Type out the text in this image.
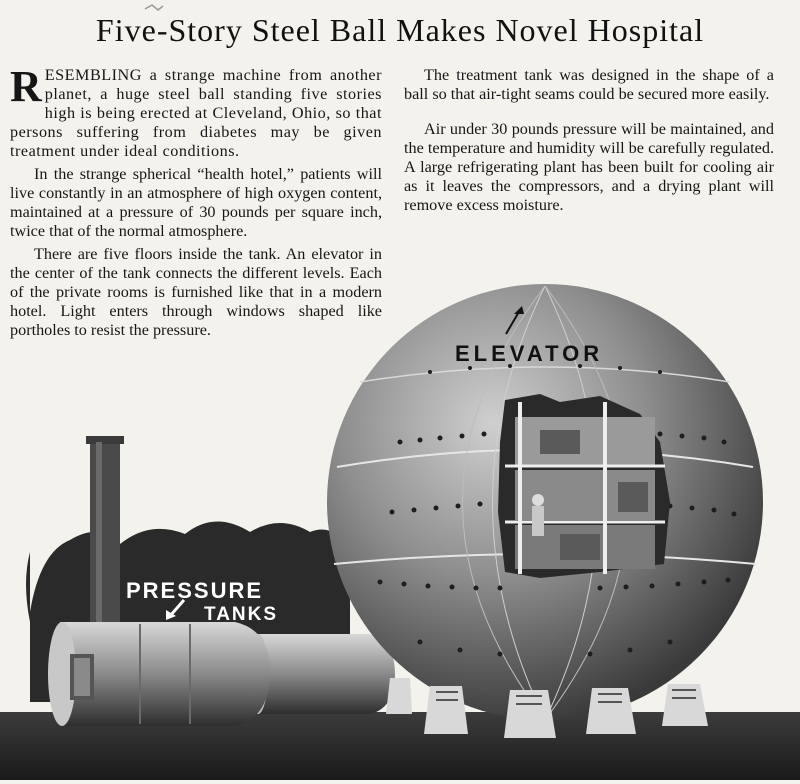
Five-Story Steel Ball Makes Novel Hospital

RESEMBLING a strange machine from another planet, a huge steel ball standing five stories high is being erected at Cleveland, Ohio, so that persons suffering from diabetes may be given treatment under ideal conditions.

In the strange spherical “health hotel,” patients will live constantly in an atmosphere of high oxygen content, maintained at a pressure of 30 pounds per square inch, twice that of the normal atmosphere.

There are five floors inside the tank. An elevator in the center of the tank connects the different levels. Each of the private rooms is furnished like that in a modern hotel. Light enters through windows shaped like portholes to resist the pressure.

The treatment tank was designed in the shape of a ball so that air-tight seams could be secured more easily.

Air under 30 pounds pressure will be maintained, and the temperature and humidity will be carefully regulated. A large refrigerating plant has been built for cooling air as it leaves the compressors, and a drying plant will remove excess moisture.

ELEVATOR
PRESSURE
TANKS
